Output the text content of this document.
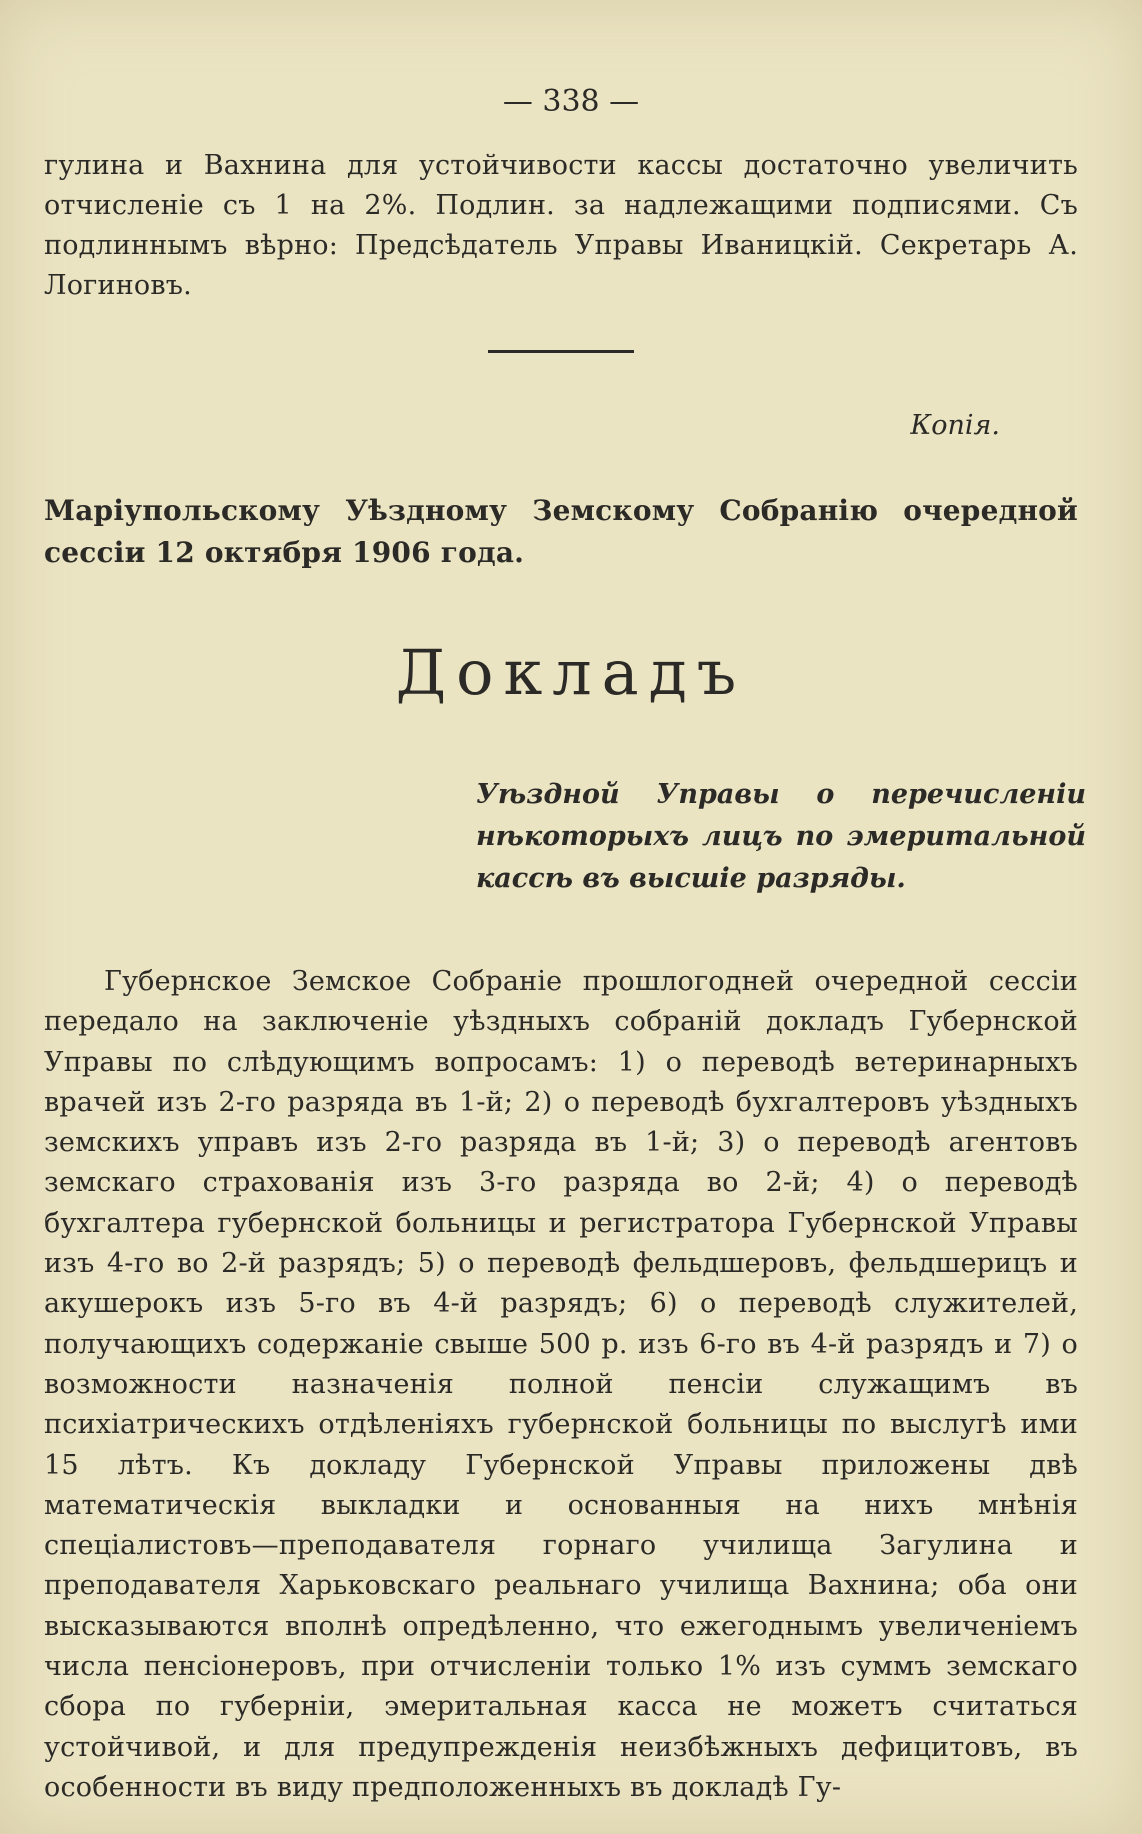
— 338 —

гулина и Вахнина для устойчивости кассы достаточно увеличить отчисленіе съ 1 на 2%. Подлин. за надлежащими подписями. Съ подлиннымъ вѣрно: Предсѣдатель Управы Иваницкій. Секретарь А. Логиновъ.

Копія.
Маріупольскому Уѣздному Земскому Собранію очередной сессіи 12 октября 1906 года.
Докладъ
Уѣздной Управы о перечисленіи нѣкоторыхъ лицъ по эмеритальной кассѣ въ высшіе разряды.

Губернское Земское Собраніе прошлогодней очередной сессіи передало на заключеніе уѣздныхъ собраній докладъ Губернской Управы по слѣдующимъ вопросамъ: 1) о переводѣ ветеринарныхъ врачей изъ 2-го разряда въ 1-й; 2) о переводѣ бухгалтеровъ уѣздныхъ земскихъ управъ изъ 2-го разряда въ 1-й; 3) о переводѣ агентовъ земскаго страхованія изъ 3-го разряда во 2-й; 4) о переводѣ бухгалтера губернской больницы и регистратора Губернской Управы изъ 4-го во 2-й разрядъ; 5) о переводѣ фельдшеровъ, фельдшерицъ и акушерокъ изъ 5-го въ 4-й разрядъ; 6) о переводѣ служителей, получающихъ содержаніе свыше 500 р. изъ 6-го въ 4-й разрядъ и 7) о возможности назначенія полной пенсіи служащимъ въ психіатрическихъ отдѣленіяхъ губернской больницы по выслугѣ ими 15 лѣтъ. Къ докладу Губернской Управы приложены двѣ математическія выкладки и основанныя на нихъ мнѣнія спеціалистовъ—преподавателя горнаго училища Загулина и преподавателя Харьковскаго реальнаго училища Вахнина; оба они высказываются вполнѣ опредѣленно, что ежегоднымъ увеличеніемъ числа пенсіонеровъ, при отчисленіи только 1% изъ суммъ земскаго сбора по губерніи, эмеритальная касса не можетъ считаться устойчивой, и для предупрежденія неизбѣжныхъ дефицитовъ, въ особенности въ виду предположенныхъ въ докладѣ Гу-
